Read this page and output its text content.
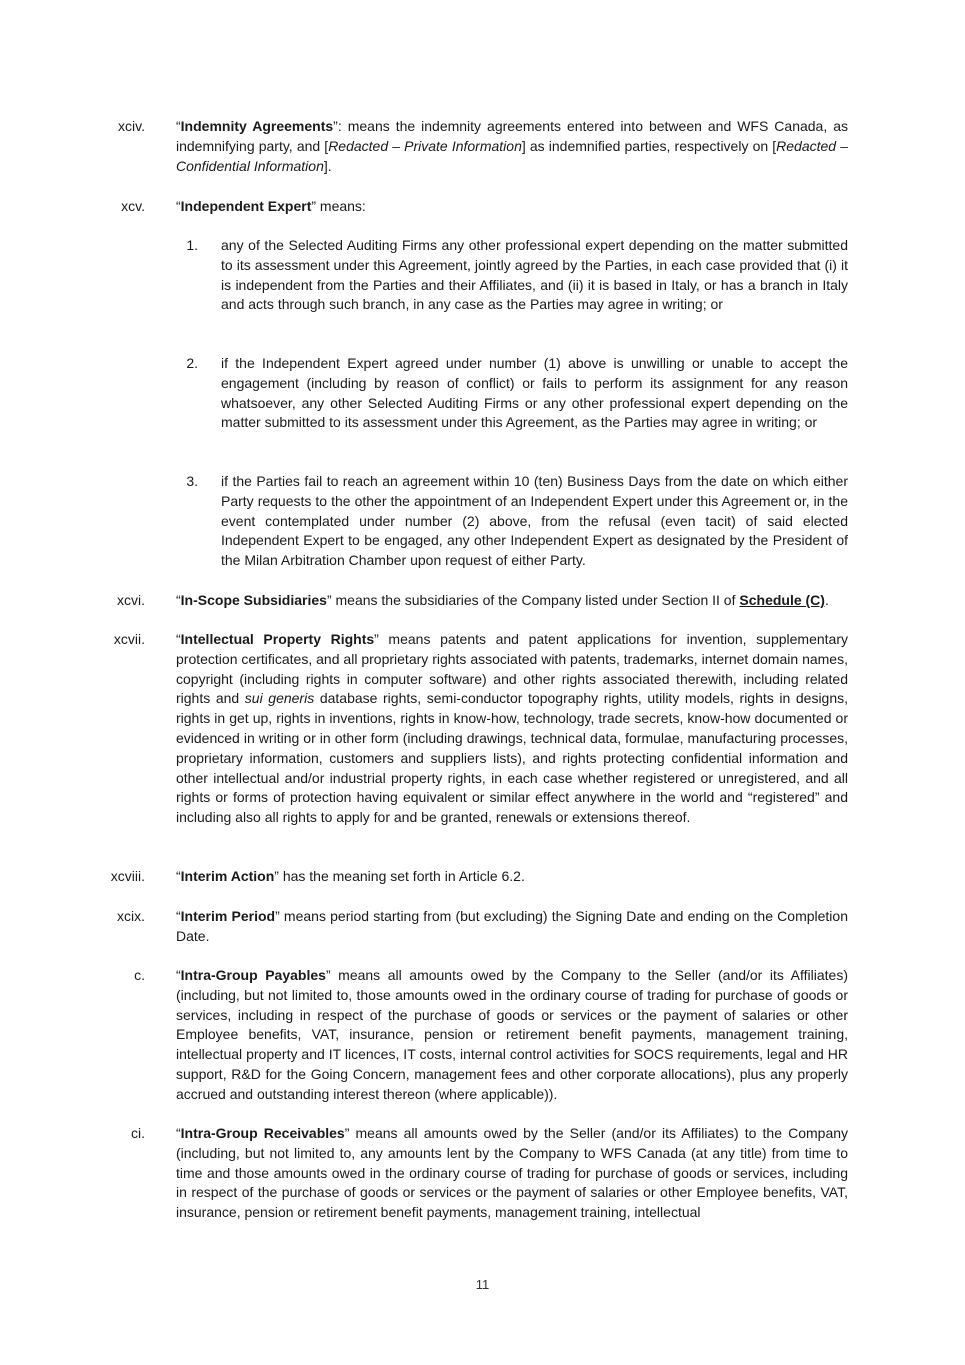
xciv. “Indemnity Agreements”: means the indemnity agreements entered into between and WFS Canada, as indemnifying party, and [Redacted – Private Information] as indemnified parties, respectively on [Redacted – Confidential Information].

xcv. “Independent Expert” means:

1. any of the Selected Auditing Firms any other professional expert depending on the matter submitted to its assessment under this Agreement, jointly agreed by the Parties, in each case provided that (i) it is independent from the Parties and their Affiliates, and (ii) it is based in Italy, or has a branch in Italy and acts through such branch, in any case as the Parties may agree in writing; or

2. if the Independent Expert agreed under number (1) above is unwilling or unable to accept the engagement (including by reason of conflict) or fails to perform its assignment for any reason whatsoever, any other Selected Auditing Firms or any other professional expert depending on the matter submitted to its assessment under this Agreement, as the Parties may agree in writing; or

3. if the Parties fail to reach an agreement within 10 (ten) Business Days from the date on which either Party requests to the other the appointment of an Independent Expert under this Agreement or, in the event contemplated under number (2) above, from the refusal (even tacit) of said elected Independent Expert to be engaged, any other Independent Expert as designated by the President of the Milan Arbitration Chamber upon request of either Party.

xcvi. “In-Scope Subsidiaries” means the subsidiaries of the Company listed under Section II of Schedule (C).

xcvii. “Intellectual Property Rights” means patents and patent applications for invention, supplementary protection certificates, and all proprietary rights associated with patents, trademarks, internet domain names, copyright (including rights in computer software) and other rights associated therewith, including related rights and sui generis database rights, semi-conductor topography rights, utility models, rights in designs, rights in get up, rights in inventions, rights in know-how, technology, trade secrets, know-how documented or evidenced in writing or in other form (including drawings, technical data, formulae, manufacturing processes, proprietary information, customers and suppliers lists), and rights protecting confidential information and other intellectual and/or industrial property rights, in each case whether registered or unregistered, and all rights or forms of protection having equivalent or similar effect anywhere in the world and “registered” and including also all rights to apply for and be granted, renewals or extensions thereof.

xcviii. “Interim Action” has the meaning set forth in Article 6.2.

xcix. “Interim Period” means period starting from (but excluding) the Signing Date and ending on the Completion Date.

c. “Intra-Group Payables” means all amounts owed by the Company to the Seller (and/or its Affiliates) (including, but not limited to, those amounts owed in the ordinary course of trading for purchase of goods or services, including in respect of the purchase of goods or services or the payment of salaries or other Employee benefits, VAT, insurance, pension or retirement benefit payments, management training, intellectual property and IT licences, IT costs, internal control activities for SOCS requirements, legal and HR support, R&D for the Going Concern, management fees and other corporate allocations), plus any properly accrued and outstanding interest thereon (where applicable)).

ci. “Intra-Group Receivables” means all amounts owed by the Seller (and/or its Affiliates) to the Company (including, but not limited to, any amounts lent by the Company to WFS Canada (at any title) from time to time and those amounts owed in the ordinary course of trading for purchase of goods or services, including in respect of the purchase of goods or services or the payment of salaries or other Employee benefits, VAT, insurance, pension or retirement benefit payments, management training, intellectual

11
